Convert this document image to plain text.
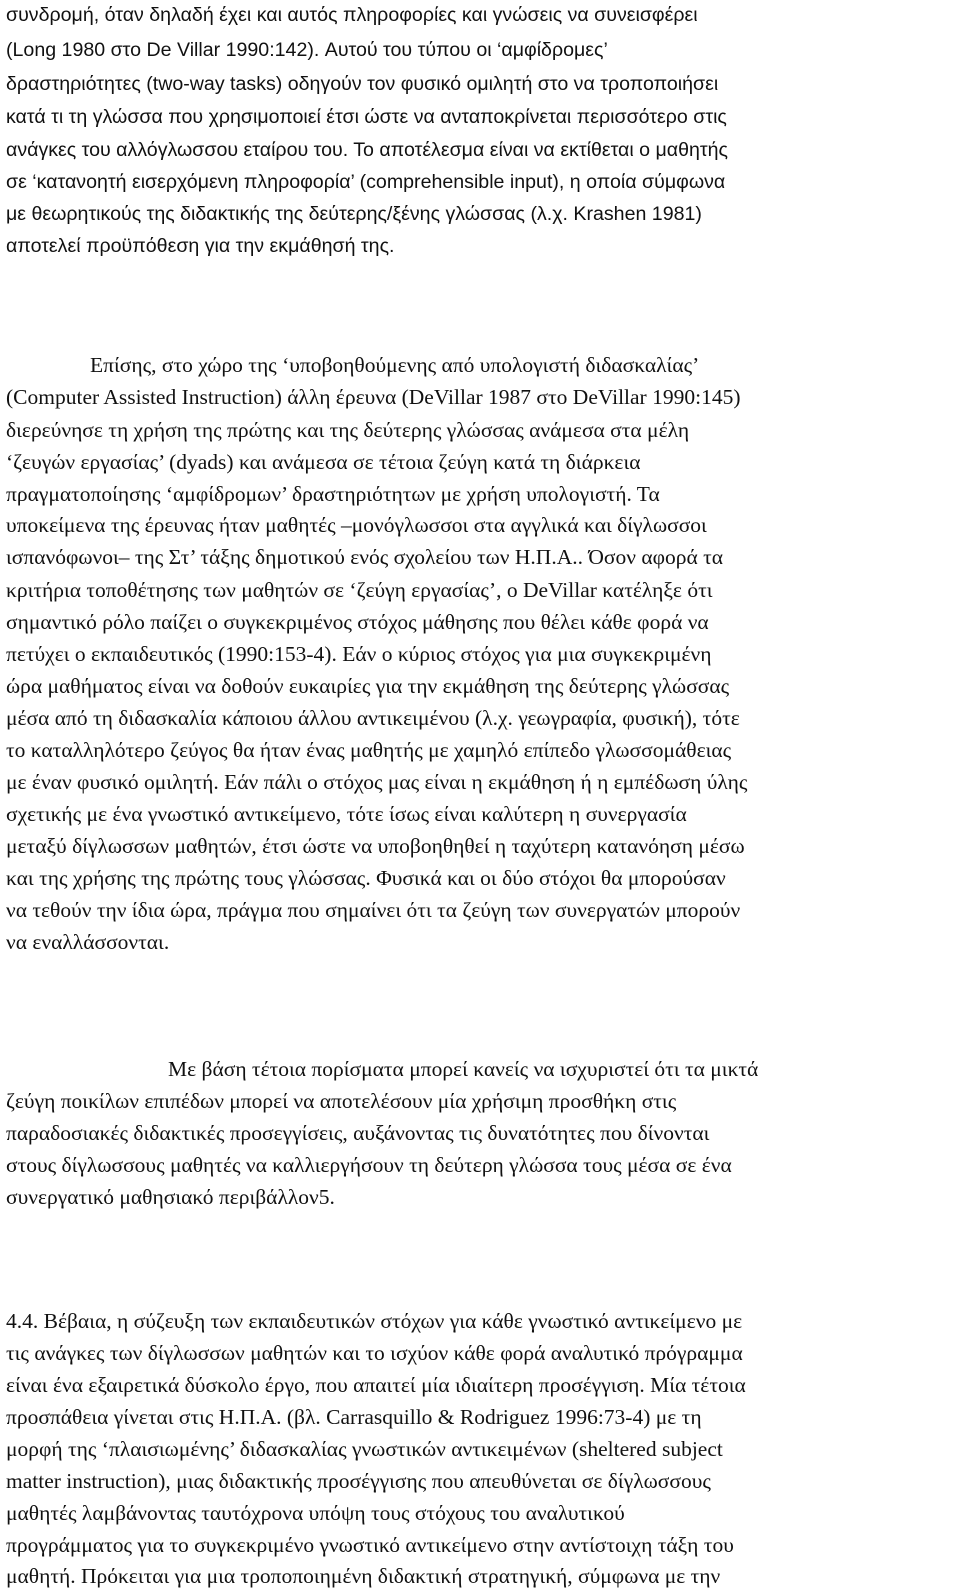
συνδρομή, όταν δηλαδή έχει και αυτός πληροφορίες και γνώσεις να συνεισφέρει
(Long 1980 στο De Villar 1990:142). Αυτού του τύπου οι ‘αμφίδρομες’
δραστηριότητες (two-way tasks) οδηγούν τον φυσικό ομιλητή στο να τροποποιήσει
κατά τι τη γλώσσα που χρησιμοποιεί έτσι ώστε να ανταποκρίνεται περισσότερο στις
ανάγκες του αλλόγλωσσου εταίρου του. Το αποτέλεσμα είναι να εκτίθεται ο μαθητής
σε ‘κατανοητή εισερχόμενη πληροφορία’ (comprehensible input), η οποία σύμφωνα
με θεωρητικούς της διδακτικής της δεύτερης/ξένης γλώσσας (λ.χ. Krashen 1981)
αποτελεί προϋπόθεση για την εκμάθησή της.
Επίσης, στο χώρο της ‘υποβοηθούμενης από υπολογιστή διδασκαλίας’
(Computer Assisted Instruction) άλλη έρευνα (DeVillar 1987 στο DeVillar 1990:145)
διερεύνησε τη χρήση της πρώτης και της δεύτερης γλώσσας ανάμεσα στα μέλη
‘ζευγών εργασίας’ (dyads) και ανάμεσα σε τέτοια ζεύγη κατά τη διάρκεια
πραγματοποίησης ‘αμφίδρομων’ δραστηριότητων με χρήση υπολογιστή. Τα
υποκείμενα της έρευνας ήταν μαθητές –μονόγλωσσοι στα αγγλικά και δίγλωσσοι
ισπανόφωνοι– της Στ’ τάξης δημοτικού ενός σχολείου των Η.Π.Α.. Όσον αφορά τα
κριτήρια τοποθέτησης των μαθητών σε ‘ζεύγη εργασίας’, ο DeVillar κατέληξε ότι
σημαντικό ρόλο παίζει ο συγκεκριμένος στόχος μάθησης που θέλει κάθε φορά να
πετύχει ο εκπαιδευτικός (1990:153-4). Εάν ο κύριος στόχος για μια συγκεκριμένη
ώρα μαθήματος είναι να δοθούν ευκαιρίες για την εκμάθηση της δεύτερης γλώσσας
μέσα από τη διδασκαλία κάποιου άλλου αντικειμένου (λ.χ. γεωγραφία, φυσική), τότε
το καταλληλότερο ζεύγος θα ήταν ένας μαθητής με χαμηλό επίπεδο γλωσσομάθειας
με έναν φυσικό ομιλητή. Εάν πάλι ο στόχος μας είναι η εκμάθηση ή η εμπέδωση ύλης
σχετικής με ένα γνωστικό αντικείμενο, τότε ίσως είναι καλύτερη η συνεργασία
μεταξύ δίγλωσσων μαθητών, έτσι ώστε να υποβοηθηθεί η ταχύτερη κατανόηση μέσω
και της χρήσης της πρώτης τους γλώσσας. Φυσικά και οι δύο στόχοι θα μπορούσαν
να τεθούν την ίδια ώρα, πράγμα που σημαίνει ότι τα ζεύγη των συνεργατών μπορούν
να εναλλάσσονται.
Με βάση τέτοια πορίσματα μπορεί κανείς να ισχυριστεί ότι τα μικτά
ζεύγη ποικίλων επιπέδων μπορεί να αποτελέσουν μία χρήσιμη προσθήκη στις
παραδοσιακές διδακτικές προσεγγίσεις, αυξάνοντας τις δυνατότητες που δίνονται
στους δίγλωσσους μαθητές να καλλιεργήσουν τη δεύτερη γλώσσα τους μέσα σε ένα
συνεργατικό μαθησιακό περιβάλλον5.
4.4. Βέβαια, η σύζευξη των εκπαιδευτικών στόχων για κάθε γνωστικό αντικείμενο με
τις ανάγκες των δίγλωσσων μαθητών και το ισχύον κάθε φορά αναλυτικό πρόγραμμα
είναι ένα εξαιρετικά δύσκολο έργο, που απαιτεί μία ιδιαίτερη προσέγγιση. Μία τέτοια
προσπάθεια γίνεται στις Η.Π.Α. (βλ. Carrasquillo & Rodriguez 1996:73-4) με τη
μορφή της ‘πλαισιωμένης’ διδασκαλίας γνωστικών αντικειμένων (sheltered subject
matter instruction), μιας διδακτικής προσέγγισης που απευθύνεται σε δίγλωσσους
μαθητές λαμβάνοντας ταυτόχρονα υπόψη τους στόχους του αναλυτικού
προγράμματος για το συγκεκριμένο γνωστικό αντικείμενο στην αντίστοιχη τάξη του
μαθητή. Πρόκειται για μια τροποποιημένη διδακτική στρατηγική, σύμφωνα με την
